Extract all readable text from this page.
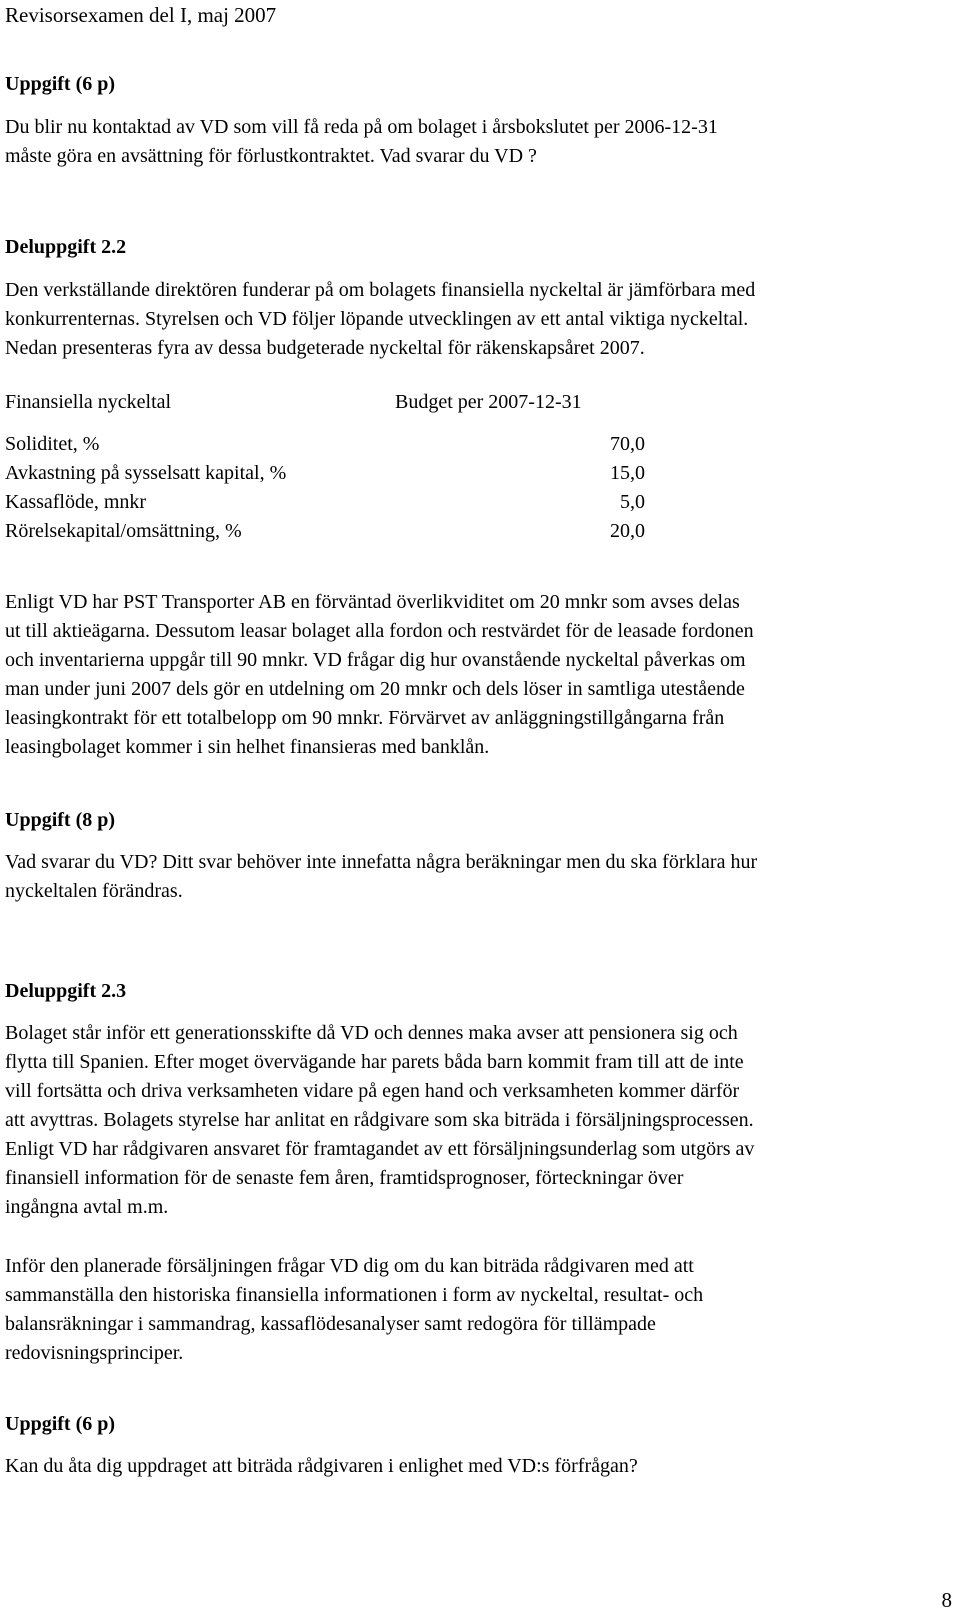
Revisorsexamen del I, maj 2007
Uppgift (6 p)
Du blir nu kontaktad av VD som vill få reda på om bolaget i årsbokslutet per 2006-12-31
måste göra en avsättning för förlustkontraktet. Vad svarar du VD ?
Deluppgift 2.2
Den verkställande direktören funderar på om bolagets finansiella nyckeltal är jämförbara med
konkurrenternas. Styrelsen och VD följer löpande utvecklingen av ett antal viktiga nyckeltal.
Nedan presenteras fyra av dessa budgeterade nyckeltal för räkenskapsåret 2007.
Finansiella nyckeltal	Budget per 2007-12-31
Soliditet, %	70,0
Avkastning på sysselsatt kapital, %	15,0
Kassaflöde, mnkr	5,0
Rörelsekapital/omsättning, %	20,0
Enligt VD har PST Transporter AB en förväntad överlikviditet om 20 mnkr som avses delas
ut till aktieägarna. Dessutom leasar bolaget alla fordon och restvärdet för de leasade fordonen
och inventarierna uppgår till 90 mnkr. VD frågar dig hur ovanstående nyckeltal påverkas om
man under juni 2007 dels gör en utdelning om 20 mnkr och dels löser in samtliga utestående
leasingkontrakt för ett totalbelopp om 90 mnkr. Förvärvet av anläggningstillgångarna från
leasingbolaget kommer i sin helhet finansieras med banklån.
Uppgift (8 p)
Vad svarar du VD? Ditt svar behöver inte innefatta några beräkningar men du ska förklara hur
nyckeltalen förändras.
Deluppgift 2.3
Bolaget står inför ett generationsskifte då VD och dennes maka avser att pensionera sig och
flytta till Spanien. Efter moget övervägande har parets båda barn kommit fram till att de inte
vill fortsätta och driva verksamheten vidare på egen hand och verksamheten kommer därför
att avyttras. Bolagets styrelse har anlitat en rådgivare som ska biträda i försäljningsprocessen.
Enligt VD har rådgivaren ansvaret för framtagandet av ett försäljningsunderlag som utgörs av
finansiell information för de senaste fem åren, framtidsprognoser, förteckningar över
ingångna avtal m.m.
Inför den planerade försäljningen frågar VD dig om du kan biträda rådgivaren med att
sammanställa den historiska finansiella informationen i form av nyckeltal, resultat- och
balansräkningar i sammandrag, kassaflödesanalyser samt redogöra för tillämpade
redovisningsprinciper.
Uppgift (6 p)
Kan du åta dig uppdraget att biträda rådgivaren i enlighet med VD:s förfrågan?
8
